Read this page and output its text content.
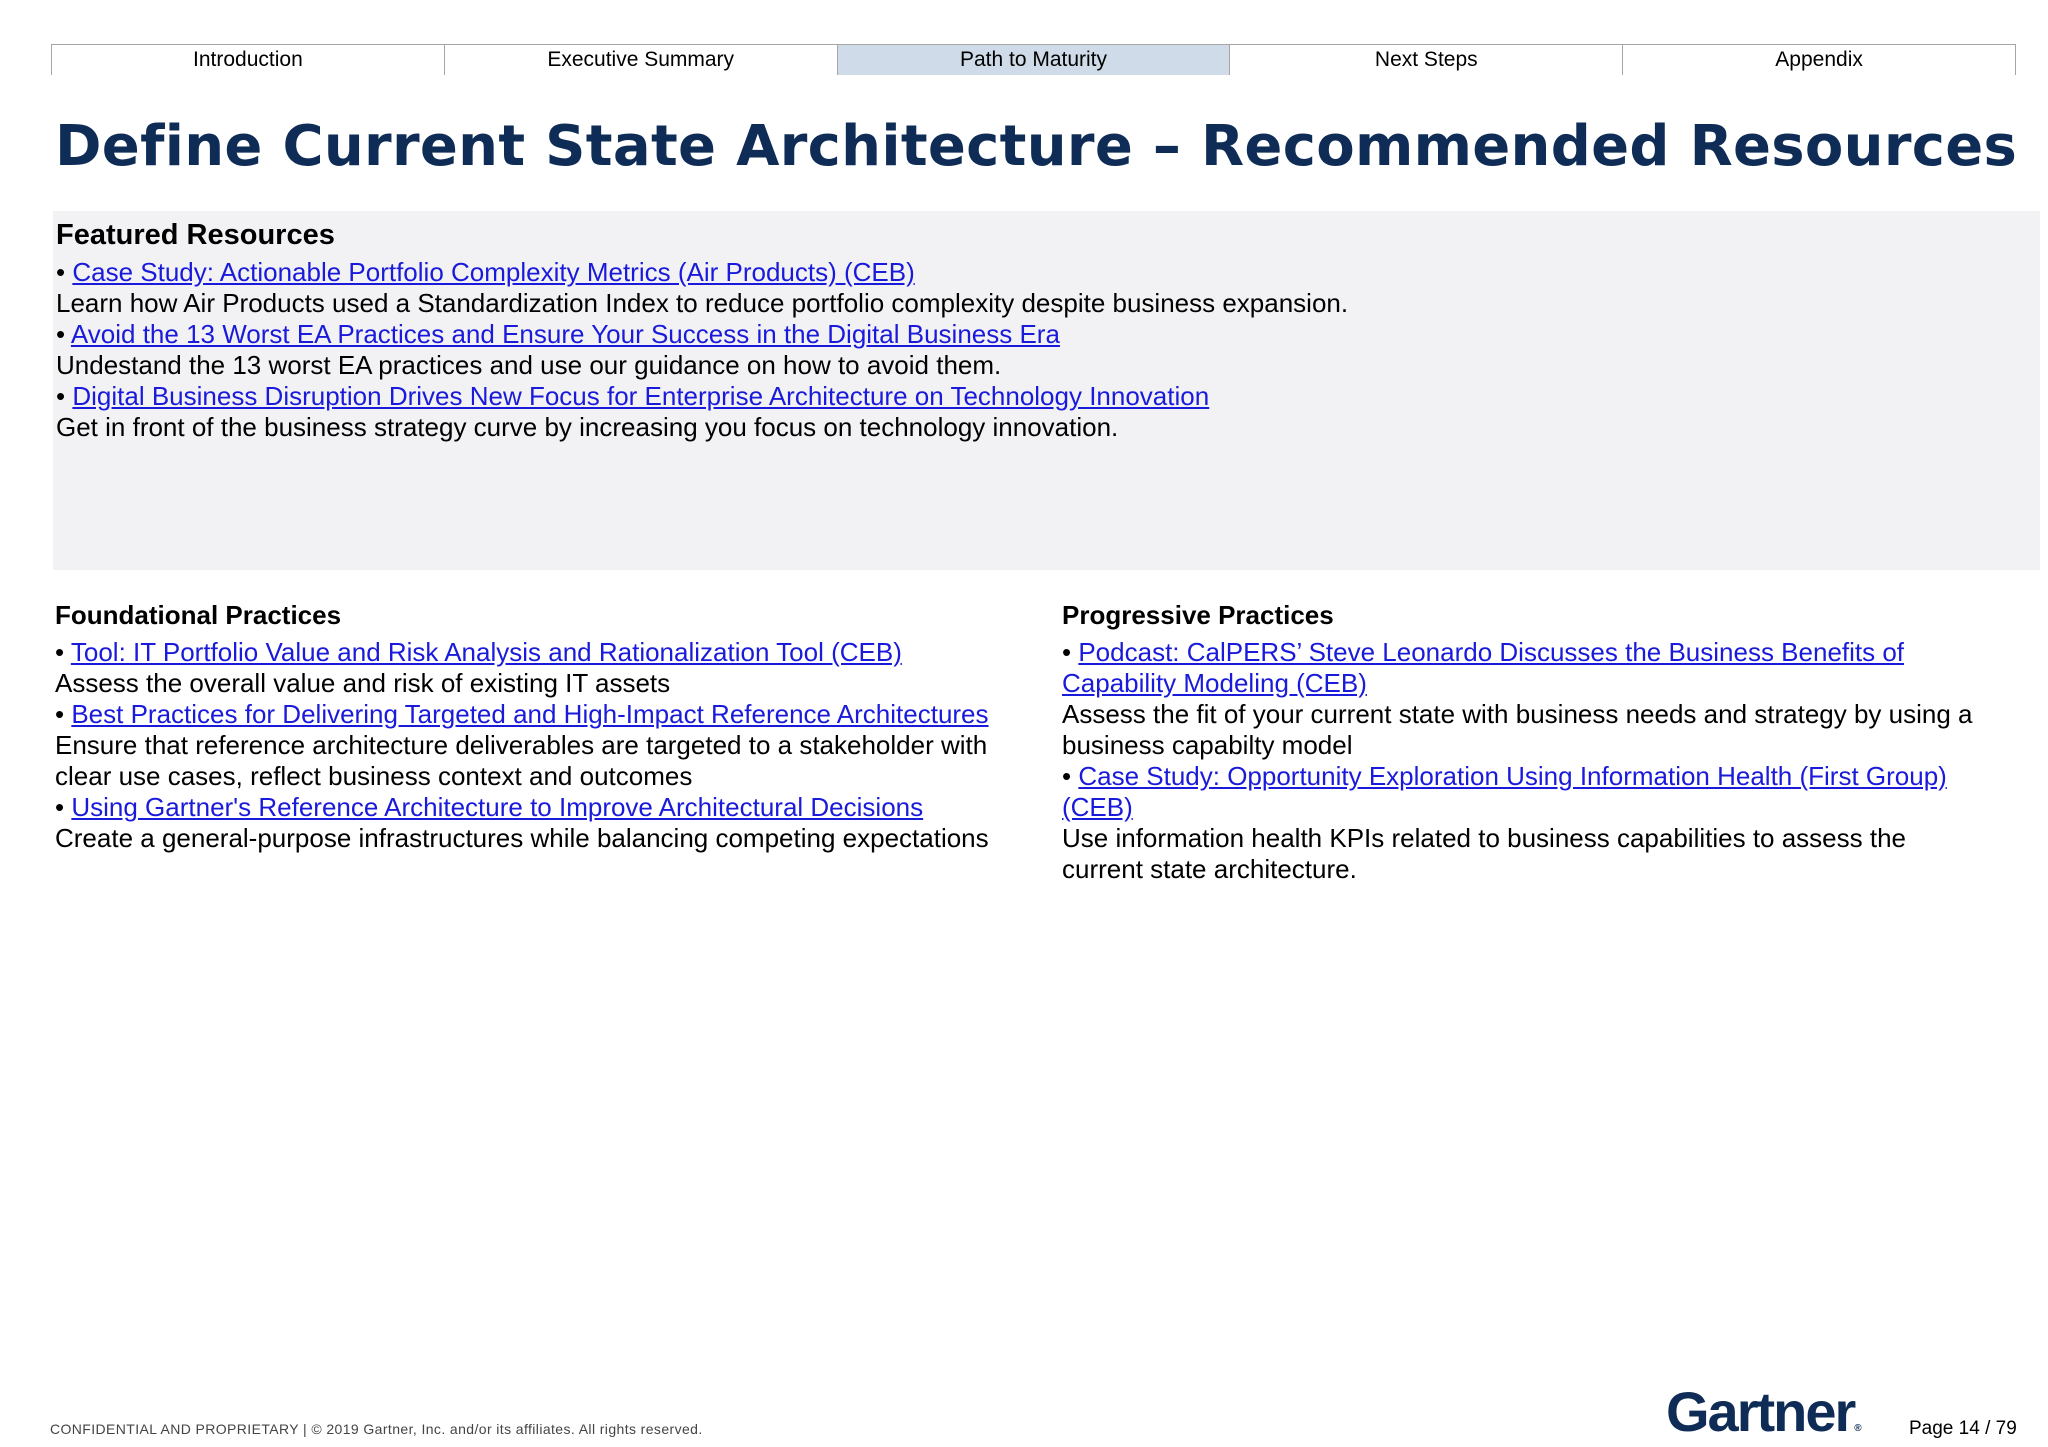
Introduction	Executive Summary	Path to Maturity	Next Steps	Appendix
Define Current State Architecture – Recommended Resources
Featured Resources
• Case Study: Actionable Portfolio Complexity Metrics (Air Products) (CEB)
Learn how Air Products used a Standardization Index to reduce portfolio complexity despite business expansion.
• Avoid the 13 Worst EA Practices and Ensure Your Success in the Digital Business Era
Undestand the 13 worst EA practices and use our guidance on how to avoid them.
• Digital Business Disruption Drives New Focus for Enterprise Architecture on Technology Innovation
Get in front of the business strategy curve by increasing you focus on technology innovation.
Foundational Practices
• Tool: IT Portfolio Value and Risk Analysis and Rationalization Tool (CEB)
Assess the overall value and risk of existing IT assets
• Best Practices for Delivering Targeted and High-Impact Reference Architectures
Ensure that reference architecture deliverables are targeted to a stakeholder with clear use cases, reflect business context and outcomes
• Using Gartner's Reference Architecture to Improve Architectural Decisions
Create a general-purpose infrastructures while balancing competing expectations
Progressive Practices
• Podcast: CalPERS’ Steve Leonardo Discusses the Business Benefits of Capability Modeling (CEB)
Assess the fit of your current state with business needs and strategy by using a business capabilty model
• Case Study: Opportunity Exploration Using Information Health (First Group) (CEB)
Use information health KPIs related to business capabilities to assess the current state architecture.
CONFIDENTIAL AND PROPRIETARY | © 2019 Gartner, Inc. and/or its affiliates. All rights reserved.	Gartner® Page 14 / 79
